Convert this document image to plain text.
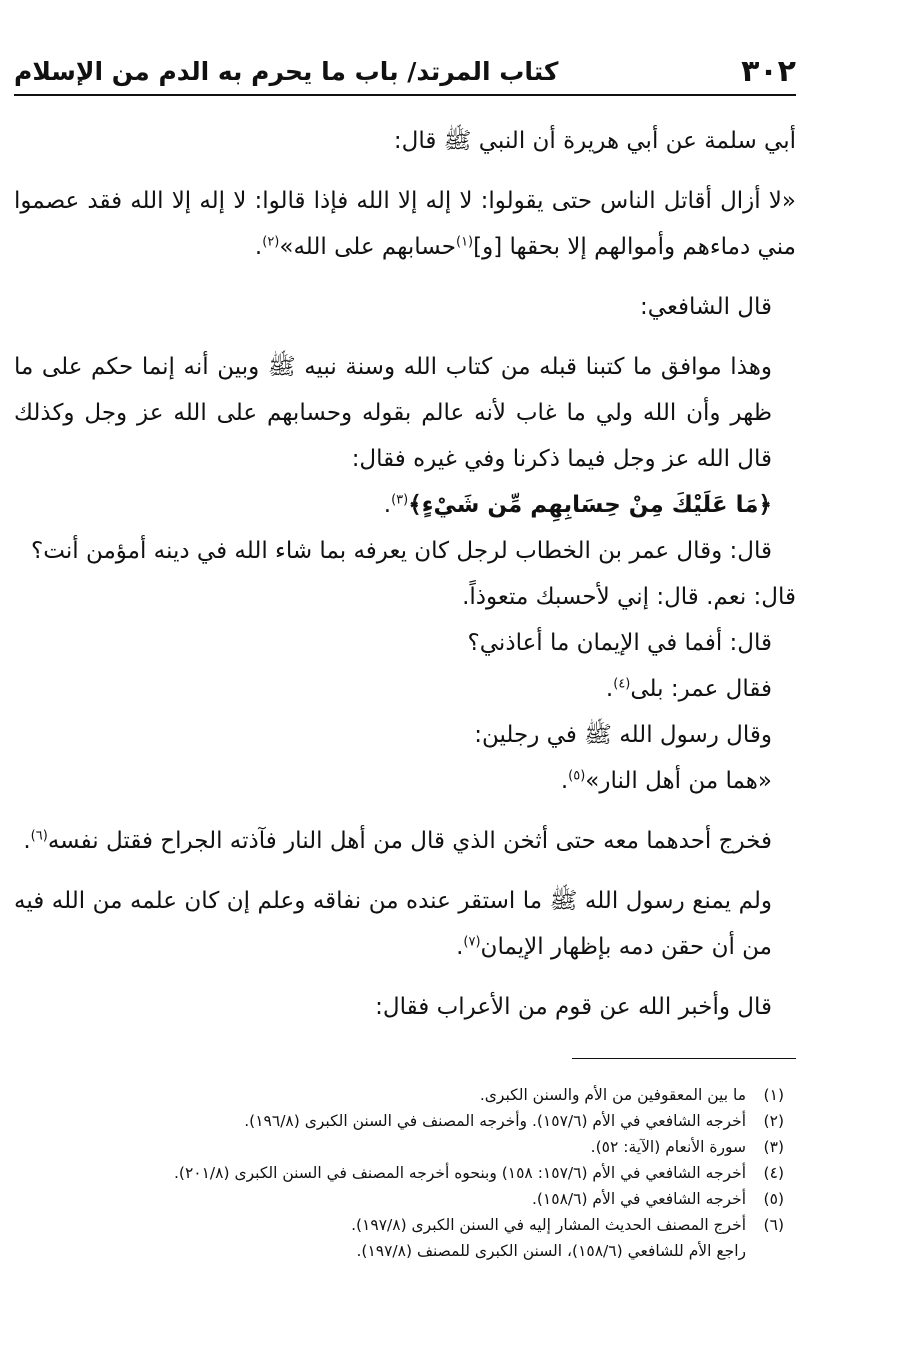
٣٠٢
كتاب المرتد/ باب ما يحرم به الدم من الإسلام

أبي سلمة عن أبي هريرة أن النبي ﷺ قال:

«لا أزال أقاتل الناس حتى يقولوا: لا إله إلا الله فإذا قالوا: لا إله إلا الله فقد عصموا مني دماءهم وأموالهم إلا بحقها [و]$^{(١)}$حسابهم على الله»$^{(٢)}$.

قال الشافعي:

وهذا موافق ما كتبنا قبله من كتاب الله وسنة نبيه ﷺ وبين أنه إنما حكم على ما ظهر وأن الله ولي ما غاب لأنه عالم بقوله وحسابهم على الله عز وجل وكذلك قال الله عز وجل فيما ذكرنا وفي غيره فقال:

﴿مَا عَلَيْكَ مِنْ حِسَابِهِم مِّن شَيْءٍ﴾$^{(٣)}$.

قال: وقال عمر بن الخطاب لرجل كان يعرفه بما شاء الله في دينه أمؤمن أنت؟

قال: نعم. قال: إني لأحسبك متعوذاً.

قال: أفما في الإيمان ما أعاذني؟

فقال عمر: بلى$^{(٤)}$.

وقال رسول الله ﷺ في رجلين:

«هما من أهل النار»$^{(٥)}$.

فخرج أحدهما معه حتى أثخن الذي قال من أهل النار فآذته الجراح فقتل نفسه$^{(٦)}$.

ولم يمنع رسول الله ﷺ ما استقر عنده من نفاقه وعلم إن كان علمه من الله فيه من أن حقن دمه بإظهار الإيمان$^{(٧)}$.

قال وأخبر الله عن قوم من الأعراب فقال:

(١)
ما بين المعقوفين من الأم والسنن الكبرى.
(٢)
أخرجه الشافعي في الأم (١٥٧/٦). وأخرجه المصنف في السنن الكبرى (١٩٦/٨).
(٣)
سورة الأنعام (الآية: ٥٢).
(٤)
أخرجه الشافعي في الأم (١٥٧/٦: ١٥٨) وبنحوه أخرجه المصنف في السنن الكبرى (٢٠١/٨).
(٥)
أخرجه الشافعي في الأم (١٥٨/٦).
(٦)
أخرج المصنف الحديث المشار إليه في السنن الكبرى (١٩٧/٨).
راجع الأم للشافعي (١٥٨/٦)، السنن الكبرى للمصنف (١٩٧/٨).
